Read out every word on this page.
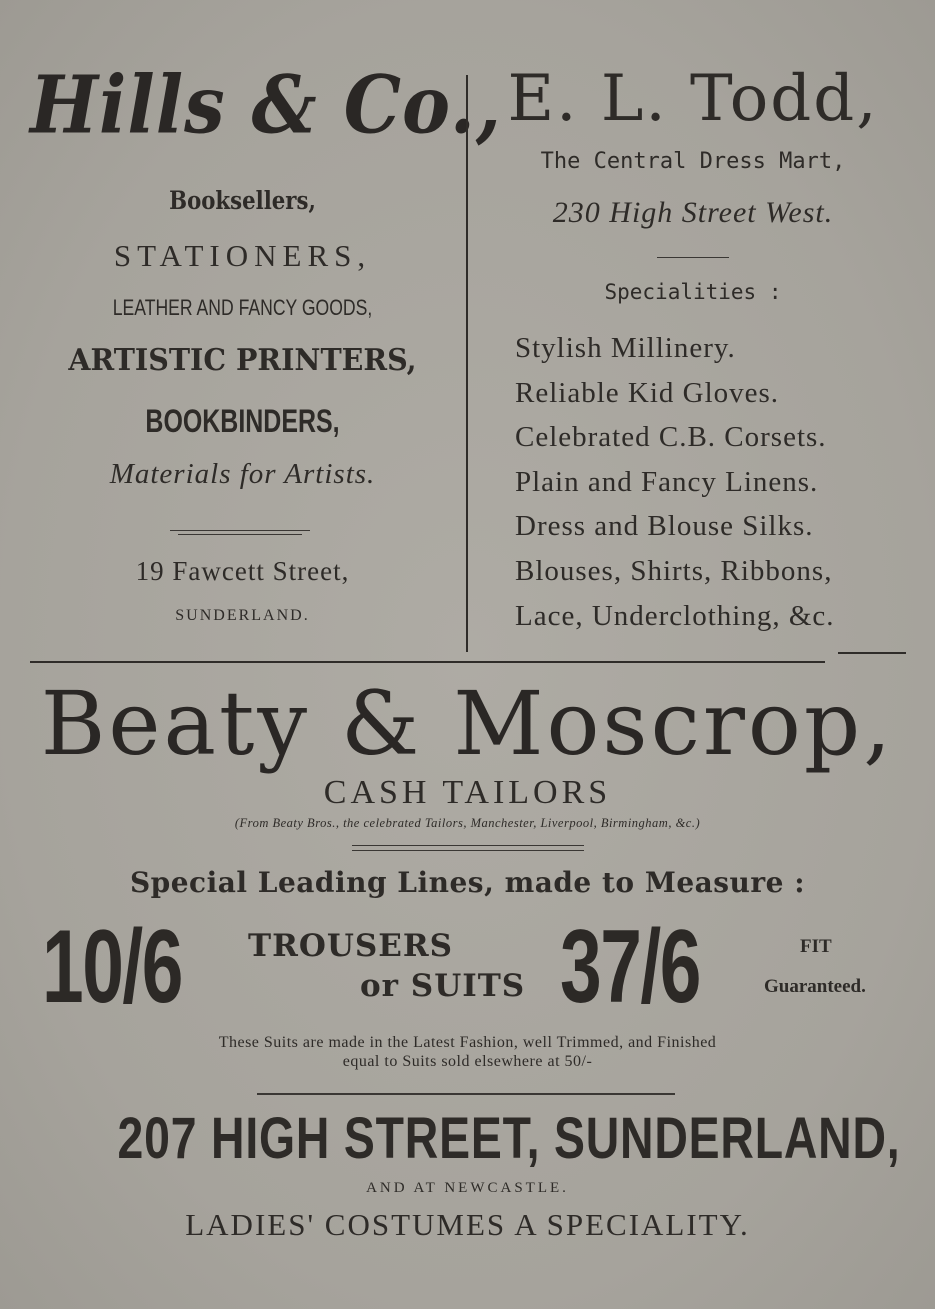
Hills & Co.,
Booksellers,
STATIONERS,
LEATHER AND FANCY GOODS,
ARTISTIC PRINTERS,
BOOKBINDERS,
Materials for Artists.
19 Fawcett Street,
SUNDERLAND.
E. L. Todd,
The Central Dress Mart,
230 High Street West.
Specialities :
Stylish Millinery.
Reliable Kid Gloves.
Celebrated C.B. Corsets.
Plain and Fancy Linens.
Dress and Blouse Silks.
Blouses, Shirts, Ribbons,
Lace, Underclothing, &c.
Beaty & Moscrop,
CASH TAILORS
(From Beaty Bros., the celebrated Tailors, Manchester, Liverpool, Birmingham, &c.)
Special Leading Lines, made to Measure :
10/6 TROUSERS
or SUITS 37/6	FIT
Guaranteed.
These Suits are made in the Latest Fashion, well Trimmed, and Finished
equal to Suits sold elsewhere at 50/-
207 HIGH STREET, SUNDERLAND,
AND AT NEWCASTLE.
LADIES' COSTUMES A SPECIALITY.
